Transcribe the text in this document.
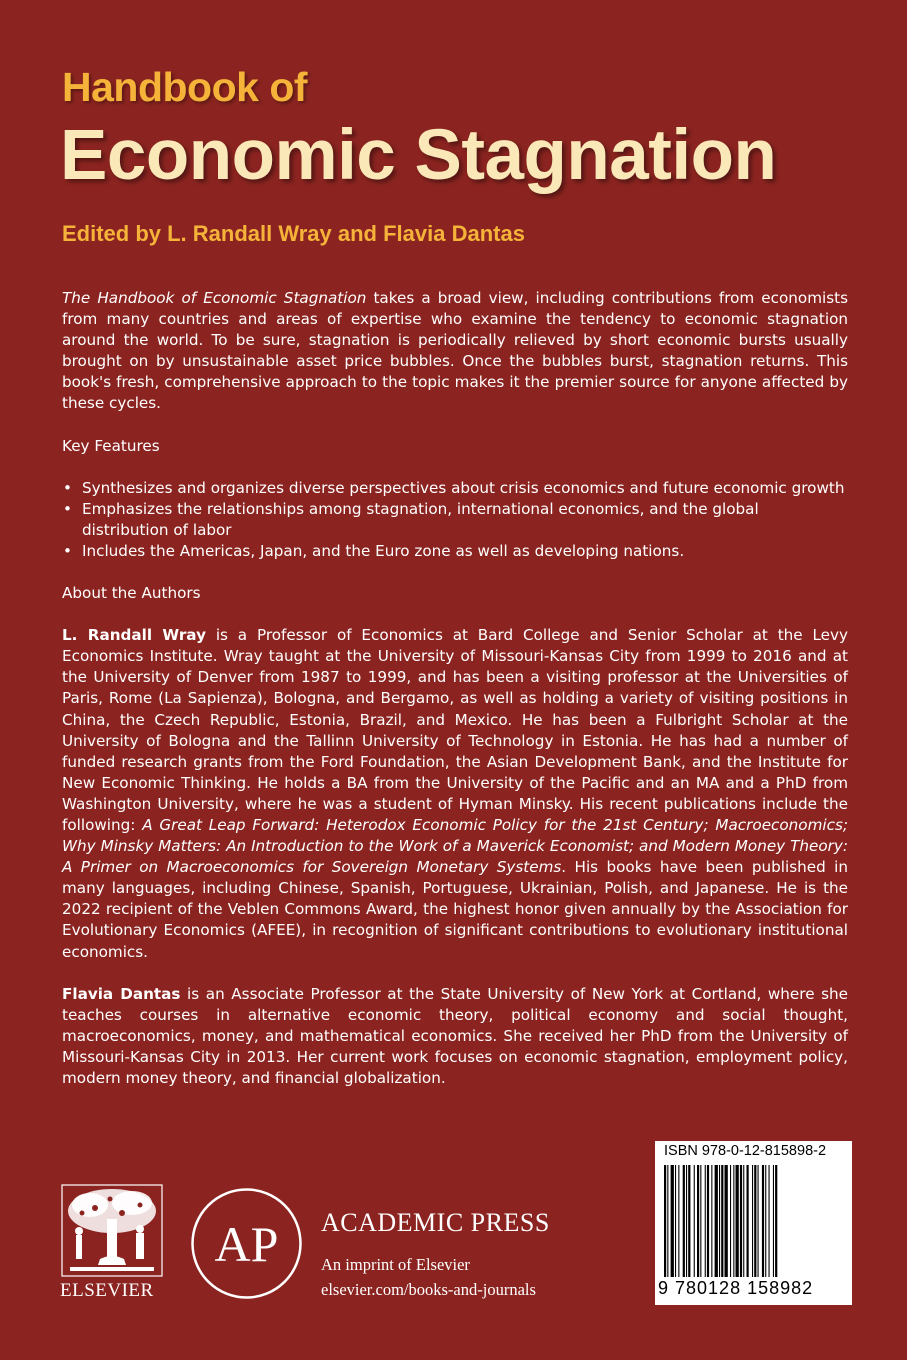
Handbook of
Economic Stagnation
Edited by L. Randall Wray and Flavia Dantas

The Handbook of Economic Stagnation takes a broad view, including contributions from economists from many countries and areas of expertise who examine the tendency to economic stagnation around the world. To be sure, stagnation is periodically relieved by short economic bursts usually brought on by unsustainable asset price bubbles. Once the bubbles burst, stagnation returns. This book's fresh, comprehensive approach to the topic makes it the premier source for anyone affected by these cycles.

Key Features

• Synthesizes and organizes diverse perspectives about crisis economics and future economic growth
• Emphasizes the relationships among stagnation, international economics, and the global distribution of labor
• Includes the Americas, Japan, and the Euro zone as well as developing nations.

About the Authors

L. Randall Wray is a Professor of Economics at Bard College and Senior Scholar at the Levy Economics Institute. Wray taught at the University of Missouri-Kansas City from 1999 to 2016 and at the University of Denver from 1987 to 1999, and has been a visiting professor at the Universities of Paris, Rome (La Sapienza), Bologna, and Bergamo, as well as holding a variety of visiting positions in China, the Czech Republic, Estonia, Brazil, and Mexico. He has been a Fulbright Scholar at the University of Bologna and the Tallinn University of Technology in Estonia. He has had a number of funded research grants from the Ford Foundation, the Asian Development Bank, and the Institute for New Economic Thinking. He holds a BA from the University of the Pacific and an MA and a PhD from Washington University, where he was a student of Hyman Minsky. His recent publications include the following: A Great Leap Forward: Heterodox Economic Policy for the 21st Century; Macroeconomics; Why Minsky Matters: An Introduction to the Work of a Maverick Economist; and Modern Money Theory: A Primer on Macroeconomics for Sovereign Monetary Systems. His books have been published in many languages, including Chinese, Spanish, Portuguese, Ukrainian, Polish, and Japanese. He is the 2022 recipient of the Veblen Commons Award, the highest honor given annually by the Association for Evolutionary Economics (AFEE), in recognition of significant contributions to evolutionary institutional economics.

Flavia Dantas is an Associate Professor at the State University of New York at Cortland, where she teaches courses in alternative economic theory, political economy and social thought, macroeconomics, money, and mathematical economics. She received her PhD from the University of Missouri-Kansas City in 2013. Her current work focuses on economic stagnation, employment policy, modern money theory, and financial globalization.

ELSEVIER
AP ACADEMIC PRESS
An imprint of Elsevier
elsevier.com/books-and-journals
ISBN 978-0-12-815898-2
9 780128 158982
